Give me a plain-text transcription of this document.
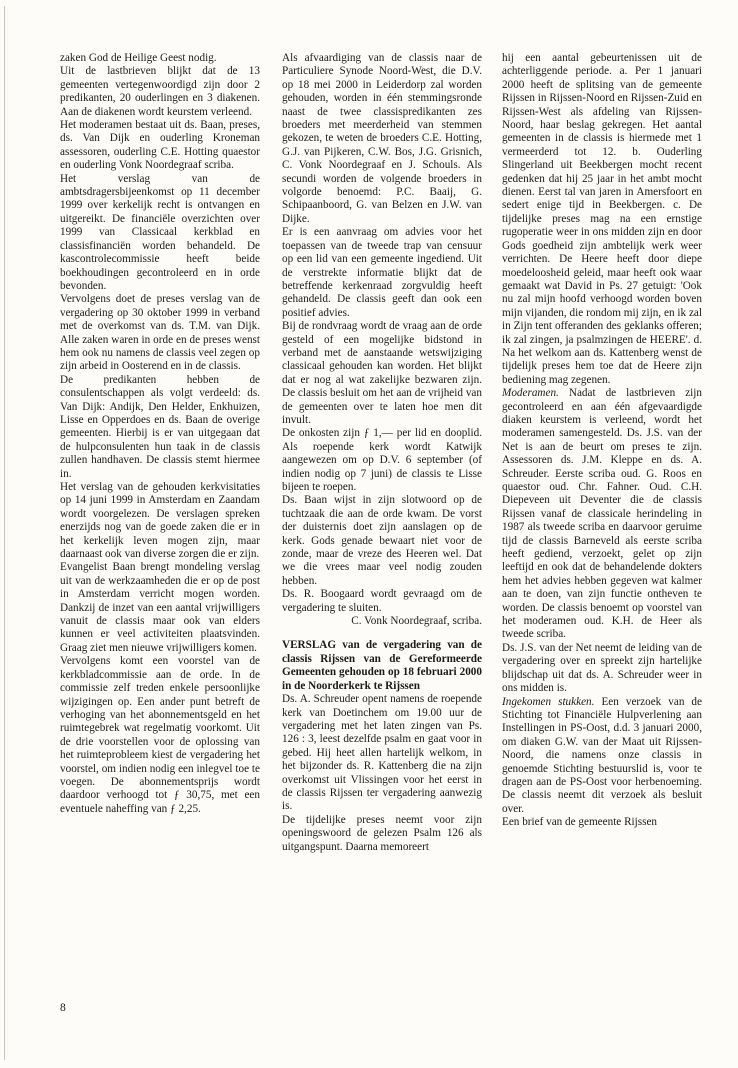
zaken God de Heilige Geest nodig.

Uit de lastbrieven blijkt dat de 13 gemeenten vertegenwoordigd zijn door 2 predikanten, 20 ouderlingen en 3 diakenen. Aan de diakenen wordt keurstem verleend.

Het moderamen bestaat uit ds. Baan, preses, ds. Van Dijk en ouderling Kroneman assessoren, ouderling C.E. Hotting quaestor en ouderling Vonk Noordegraaf scriba.

Het verslag van de ambtsdragersbijeenkomst op 11 december 1999 over kerkelijk recht is ontvangen en uitgereikt. De financiële overzichten over 1999 van Classicaal kerkblad en classisfinanciën worden behandeld. De kascontrolecommissie heeft beide boekhoudingen gecontroleerd en in orde bevonden.

Vervolgens doet de preses verslag van de vergadering op 30 oktober 1999 in verband met de overkomst van ds. T.M. van Dijk. Alle zaken waren in orde en de preses wenst hem ook nu namens de classis veel zegen op zijn arbeid in Oosterend en in de classis.

De predikanten hebben de consulentschappen als volgt verdeeld: ds. Van Dijk: Andijk, Den Helder, Enkhuizen, Lisse en Opperdoes en ds. Baan de overige gemeenten. Hierbij is er van uitgegaan dat de hulpconsulenten hun taak in de classis zullen handhaven. De classis stemt hiermee in.

Het verslag van de gehouden kerkvisitaties op 14 juni 1999 in Amsterdam en Zaandam wordt voorgelezen. De verslagen spreken enerzijds nog van de goede zaken die er in het kerkelijk leven mogen zijn, maar daarnaast ook van diverse zorgen die er zijn.

Evangelist Baan brengt mondeling verslag uit van de werkzaamheden die er op de post in Amsterdam verricht mogen worden. Dankzij de inzet van een aantal vrijwilligers vanuit de classis maar ook van elders kunnen er veel activiteiten plaatsvinden. Graag ziet men nieuwe vrijwilligers komen.

Vervolgens komt een voorstel van de kerkbladcommissie aan de orde. In de commissie zelf treden enkele persoonlijke wijzigingen op. Een ander punt betreft de verhoging van het abonnementsgeld en het ruimtegebrek wat regelmatig voorkomt. Uit de drie voorstellen voor de oplossing van het ruimteprobleem kiest de vergadering het voorstel, om indien nodig een inlegvel toe te voegen. De abonnementsprijs wordt daardoor verhoogd tot ƒ 30,75, met een eventuele naheffing van ƒ 2,25.

Als afvaardiging van de classis naar de Particuliere Synode Noord-West, die D.V. op 18 mei 2000 in Leiderdorp zal worden gehouden, worden in één stemmingsronde naast de twee classispredikanten zes broeders met meerderheid van stemmen gekozen, te weten de broeders C.E. Hotting, G.J. van Pijkeren, C.W. Bos, J.G. Grisnich, C. Vonk Noordegraaf en J. Schouls. Als secundi worden de volgende broeders in volgorde benoemd: P.C. Baaij, G. Schipaanboord, G. van Belzen en J.W. van Dijke.

Er is een aanvraag om advies voor het toepassen van de tweede trap van censuur op een lid van een gemeente ingediend. Uit de verstrekte informatie blijkt dat de betreffende kerkenraad zorgvuldig heeft gehandeld. De classis geeft dan ook een positief advies.

Bij de rondvraag wordt de vraag aan de orde gesteld of een mogelijke bidstond in verband met de aanstaande wetswijziging classicaal gehouden kan worden. Het blijkt dat er nog al wat zakelijke bezwaren zijn. De classis besluit om het aan de vrijheid van de gemeenten over te laten hoe men dit invult.

De onkosten zijn ƒ 1,— per lid en dooplid. Als roepende kerk wordt Katwijk aangewezen om op D.V. 6 september (of indien nodig op 7 juni) de classis te Lisse bijeen te roepen.

Ds. Baan wijst in zijn slotwoord op de tuchtzaak die aan de orde kwam. De vorst der duisternis doet zijn aanslagen op de kerk. Gods genade bewaart niet voor de zonde, maar de vreze des Heeren wel. Dat we die vrees maar veel nodig zouden hebben.

Ds. R. Boogaard wordt gevraagd om de vergadering te sluiten.

C. Vonk Noordegraaf, scriba.

VERSLAG van de vergadering van de classis Rijssen van de Gereformeerde Gemeenten gehouden op 18 februari 2000 in de Noorderkerk te Rijssen

Ds. A. Schreuder opent namens de roepende kerk van Doetinchem om 19.00 uur de vergadering met het laten zingen van Ps. 126 : 3, leest dezelfde psalm en gaat voor in gebed. Hij heet allen hartelijk welkom, in het bijzonder ds. R. Kattenberg die na zijn overkomst uit Vlissingen voor het eerst in de classis Rijssen ter vergadering aanwezig is.

De tijdelijke preses neemt voor zijn openingswoord de gelezen Psalm 126 als uitgangspunt. Daarna memoreert

hij een aantal gebeurtenissen uit de achterliggende periode. a. Per 1 januari 2000 heeft de splitsing van de gemeente Rijssen in Rijssen-Noord en Rijssen-Zuid en Rijssen-West als afdeling van Rijssen-Noord, haar beslag gekregen. Het aantal gemeenten in de classis is hiermede met 1 vermeerderd tot 12. b. Ouderling Slingerland uit Beekbergen mocht recent gedenken dat hij 25 jaar in het ambt mocht dienen. Eerst tal van jaren in Amersfoort en sedert enige tijd in Beekbergen. c. De tijdelijke preses mag na een ernstige rugoperatie weer in ons midden zijn en door Gods goedheid zijn ambtelijk werk weer verrichten. De Heere heeft door diepe moedeloosheid geleid, maar heeft ook waar gemaakt wat David in Ps. 27 getuigt: 'Ook nu zal mijn hoofd verhoogd worden boven mijn vijanden, die rondom mij zijn, en ik zal in Zijn tent offeranden des geklanks offeren; ik zal zingen, ja psalmzingen de HEERE'. d. Na het welkom aan ds. Kattenberg wenst de tijdelijk preses hem toe dat de Heere zijn bediening mag zegenen.

Moderamen. Nadat de lastbrieven zijn gecontroleerd en aan één afgevaardigde diaken keurstem is verleend, wordt het moderamen samengesteld. Ds. J.S. van der Net is aan de beurt om preses te zijn. Assessoren ds. J.M. Kleppe en ds. A. Schreuder. Eerste scriba oud. G. Roos en quaestor oud. Chr. Fahner. Oud. C.H. Diepeveen uit Deventer die de classis Rijssen vanaf de classicale herindeling in 1987 als tweede scriba en daarvoor geruime tijd de classis Barneveld als eerste scriba heeft gediend, verzoekt, gelet op zijn leeftijd en ook dat de behandelende dokters hem het advies hebben gegeven wat kalmer aan te doen, van zijn functie ontheven te worden. De classis benoemt op voorstel van het moderamen oud. K.H. de Heer als tweede scriba.

Ds. J.S. van der Net neemt de leiding van de vergadering over en spreekt zijn hartelijke blijdschap uit dat ds. A. Schreuder weer in ons midden is.

Ingekomen stukken. Een verzoek van de Stichting tot Financiële Hulpverlening aan Instellingen in PS-Oost, d.d. 3 januari 2000, om diaken G.W. van der Maat uit Rijssen-Noord, die namens onze classis in genoemde Stichting bestuurslid is, voor te dragen aan de PS-Oost voor herbenoeming. De classis neemt dit verzoek als besluit over.

Een brief van de gemeente Rijssen

8
